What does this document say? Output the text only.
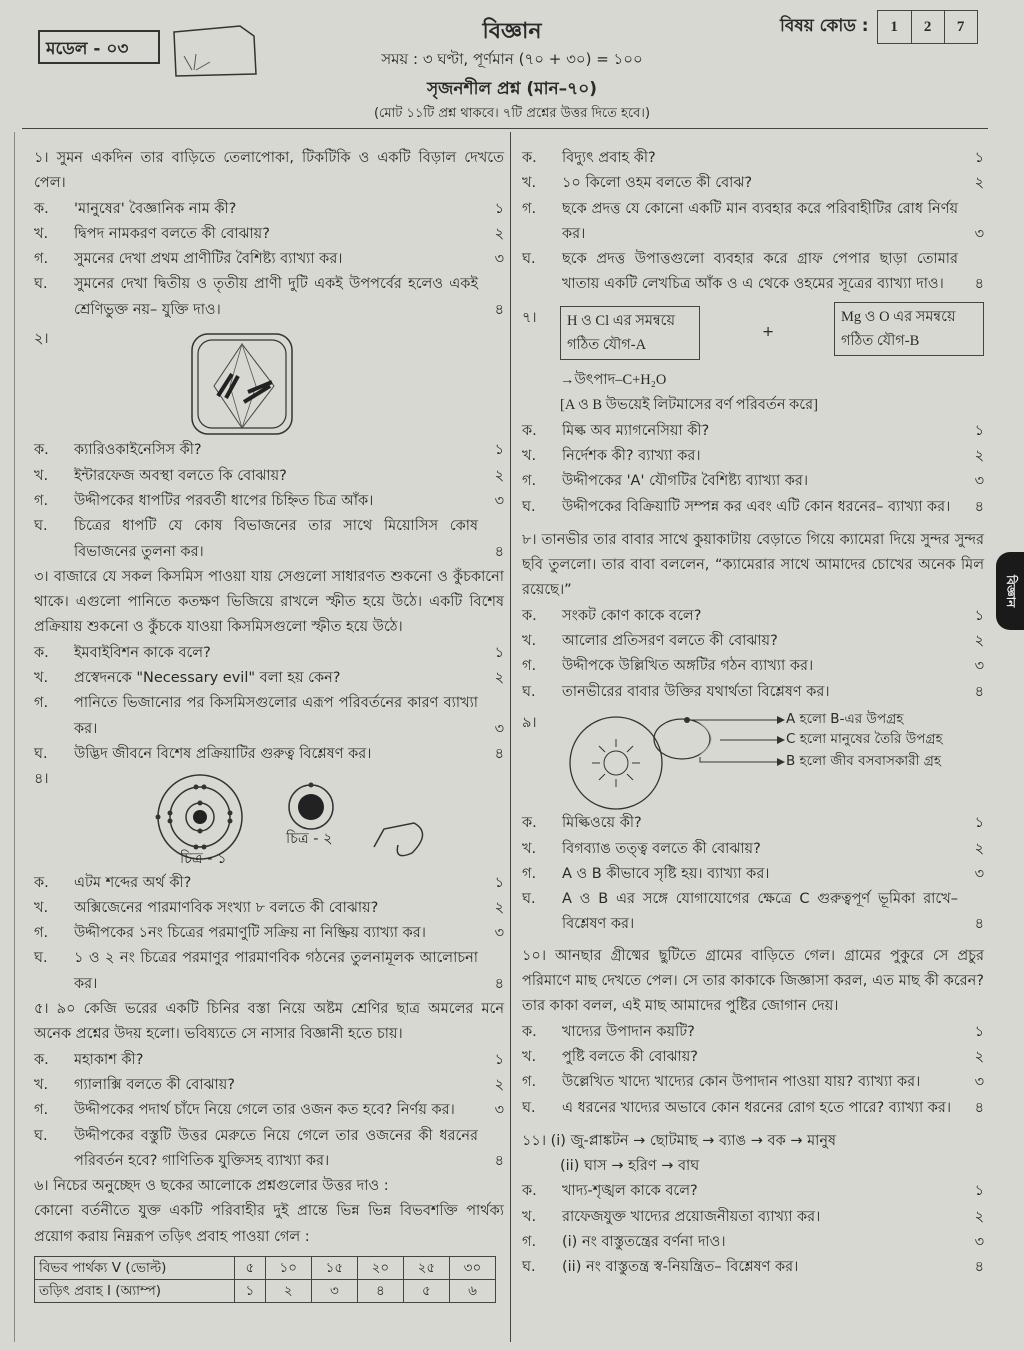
মডেল - ০৩
বিজ্ঞান	বিষয় কোড :	1	2	7
সময় : ৩ ঘণ্টা, পূর্ণমান (৭০ + ৩০) = ১০০
সৃজনশীল প্রশ্ন (মান–৭০)
(মোট ১১টি প্রশ্ন থাকবে। ৭টি প্রশ্নের উত্তর দিতে হবে।)
বিজ্ঞান
১। সুমন একদিন তার বাড়িতে তেলাপোকা, টিকটিকি ও একটি বিড়াল দেখতে পেল।
ক.	'মানুষের' বৈজ্ঞানিক নাম কী?	১
খ.	দ্বিপদ নামকরণ বলতে কী বোঝায়?	২
গ.	সুমনের দেখা প্রথম প্রাণীটির বৈশিষ্ট্য ব্যাখ্যা কর।	৩
ঘ.	সুমনের দেখা দ্বিতীয় ও তৃতীয় প্রাণী দুটি একই উপপর্বের হলেও একই শ্রেণিভুক্ত নয়– যুক্তি দাও।	৪
২।
ক.	ক্যারিওকাইনেসিস কী?	১
খ.	ইন্টারফেজ অবস্থা বলতে কি বোঝায়?	২
গ.	উদ্দীপকের ধাপটির পরবর্তী ধাপের চিহ্নিত চিত্র আঁক।	৩
ঘ.	চিত্রের ধাপটি যে কোষ বিভাজনের তার সাথে মিয়োসিস কোষ বিভাজনের তুলনা কর।	৪
৩। বাজারে যে সকল কিসমিস পাওয়া যায় সেগুলো সাধারণত শুকনো ও কুঁচকানো থাকে। এগুলো পানিতে কতক্ষণ ভিজিয়ে রাখলে স্ফীত হয়ে উঠে। একটি বিশেষ প্রক্রিয়ায় শুকনো ও কুঁচকে যাওয়া কিসমিসগুলো স্ফীত হয়ে উঠে।
ক.	ইমবাইবিশন কাকে বলে?	১
খ.	প্রস্বেদনকে "Necessary evil" বলা হয় কেন?	২
গ.	পানিতে ভিজানোর পর কিসমিসগুলোর এরূপ পরিবর্তনের কারণ ব্যাখ্যা কর।	৩
ঘ.	উদ্ভিদ জীবনে বিশেষ প্রক্রিয়াটির গুরুত্ব বিশ্লেষণ কর।	৪
৪।
চিত্র - ২
চিত্র - ১
ক.	এটম শব্দের অর্থ কী?	১
খ.	অক্সিজেনের পারমাণবিক সংখ্যা ৮ বলতে কী বোঝায়?	২
গ.	উদ্দীপকের ১নং চিত্রের পরমাণুটি সক্রিয় না নিষ্ক্রিয় ব্যাখ্যা কর।	৩
ঘ.	১ ও ২ নং চিত্রের পরমাণুর পারমাণবিক গঠনের তুলনামূলক আলোচনা কর।	৪
৫। ৯০ কেজি ভরের একটি চিনির বস্তা নিয়ে অষ্টম শ্রেণির ছাত্র অমলের মনে অনেক প্রশ্নের উদয় হলো। ভবিষ্যতে সে নাসার বিজ্ঞানী হতে চায়।
ক.	মহাকাশ কী?	১
খ.	গ্যালাক্সি বলতে কী বোঝায়?	২
গ.	উদ্দীপকের পদার্থ চাঁদে নিয়ে গেলে তার ওজন কত হবে? নির্ণয় কর।	৩
ঘ.	উদ্দীপকের বস্তুটি উত্তর মেরুতে নিয়ে গেলে তার ওজনের কী ধরনের পরিবর্তন হবে? গাণিতিক যুক্তিসহ ব্যাখ্যা কর।	৪
৬। নিচের অনুচ্ছেদ ও ছকের আলোকে প্রশ্নগুলোর উত্তর দাও :
কোনো বর্তনীতে যুক্ত একটি পরিবাহীর দুই প্রান্তে ভিন্ন ভিন্ন বিভবশক্তি পার্থক্য প্রয়োগ করায় নিম্নরূপ তড়িৎ প্রবাহ পাওয়া গেল :
বিভব পার্থক্য V (ভোল্ট)	৫	১০	১৫	২০	২৫	৩০
তড়িৎ প্রবাহ I (অ্যাম্প)	১	২	৩	৪	৫	৬
ক.	বিদ্যুৎ প্রবাহ কী?	১
খ.	১০ কিলো ওহম বলতে কী বোঝ?	২
গ.	ছকে প্রদত্ত যে কোনো একটি মান ব্যবহার করে পরিবাহীটির রোধ নির্ণয় কর।	৩
ঘ.	ছকে প্রদত্ত উপাত্তগুলো ব্যবহার করে গ্রাফ পেপার ছাড়া তোমার খাতায় একটি লেখচিত্র আঁক ও এ থেকে ওহমের সূত্রের ব্যাখ্যা দাও।	৪
৭।	H ও Cl এর সমন্বয়ে
গঠিত যৌগ-A
+
Mg ও O এর সমন্বয়ে
গঠিত যৌগ-B
→উৎপাদ–C+H₂O
[A ও B উভয়েই লিটমাসের বর্ণ পরিবর্তন করে]
ক.	মিল্ক অব ম্যাগনেসিয়া কী?	১
খ.	নির্দেশক কী? ব্যাখ্যা কর।	২
গ.	উদ্দীপকের 'A' যৌগটির বৈশিষ্ট্য ব্যাখ্যা কর।	৩
ঘ.	উদ্দীপকের বিক্রিয়াটি সম্পন্ন কর এবং এটি কোন ধরনের– ব্যাখ্যা কর।	৪
৮। তানভীর তার বাবার সাথে কুয়াকাটায় বেড়াতে গিয়ে ক্যামেরা দিয়ে সুন্দর সুন্দর ছবি তুললো। তার বাবা বললেন, “ক্যামেরার সাথে আমাদের চোখের অনেক মিল রয়েছে।”
ক.	সংকট কোণ কাকে বলে?	১
খ.	আলোর প্রতিসরণ বলতে কী বোঝায়?	২
গ.	উদ্দীপকে উল্লিখিত অঙ্গটির গঠন ব্যাখ্যা কর।	৩
ঘ.	তানভীরের বাবার উক্তির যথার্থতা বিশ্লেষণ কর।	৪
৯।	A হলো B-এর উপগ্রহ
C হলো মানুষের তৈরি উপগ্রহ
B হলো জীব বসবাসকারী গ্রহ
ক.	মিল্কিওয়ে কী?	১
খ.	বিগব্যাঙ তত্ত্ব বলতে কী বোঝায়?	২
গ.	A ও B কীভাবে সৃষ্টি হয়। ব্যাখ্যা কর।	৩
ঘ.	A ও B এর সঙ্গে যোগাযোগের ক্ষেত্রে C গুরুত্বপূর্ণ ভূমিকা রাখে– বিশ্লেষণ কর।	৪
১০। আনছার গ্রীষ্মের ছুটিতে গ্রামের বাড়িতে গেল। গ্রামের পুকুরে সে প্রচুর পরিমাণে মাছ দেখতে পেল। সে তার কাকাকে জিজ্ঞাসা করল, এত মাছ কী করেন? তার কাকা বলল, এই মাছ আমাদের পুষ্টির জোগান দেয়।
ক.	খাদ্যের উপাদান কয়টি?	১
খ.	পুষ্টি বলতে কী বোঝায়?	২
গ.	উল্লেখিত খাদ্যে খাদ্যের কোন উপাদান পাওয়া যায়? ব্যাখ্যা কর।	৩
ঘ.	এ ধরনের খাদ্যের অভাবে কোন ধরনের রোগ হতে পারে? ব্যাখ্যা কর।	৪
১১। (i) জু-প্লাঙ্কটন → ছোটমাছ → ব্যাঙ → বক → মানুষ
(ii) ঘাস → হরিণ → বাঘ
ক.	খাদ্য-শৃঙ্খল কাকে বলে?	১
খ.	রাফেজযুক্ত খাদ্যের প্রয়োজনীয়তা ব্যাখ্যা কর।	২
গ.	(i) নং বাস্তুতন্ত্রের বর্ণনা দাও।	৩
ঘ.	(ii) নং বাস্তুতন্ত্র স্ব-নিয়ন্ত্রিত– বিশ্লেষণ কর।	৪
